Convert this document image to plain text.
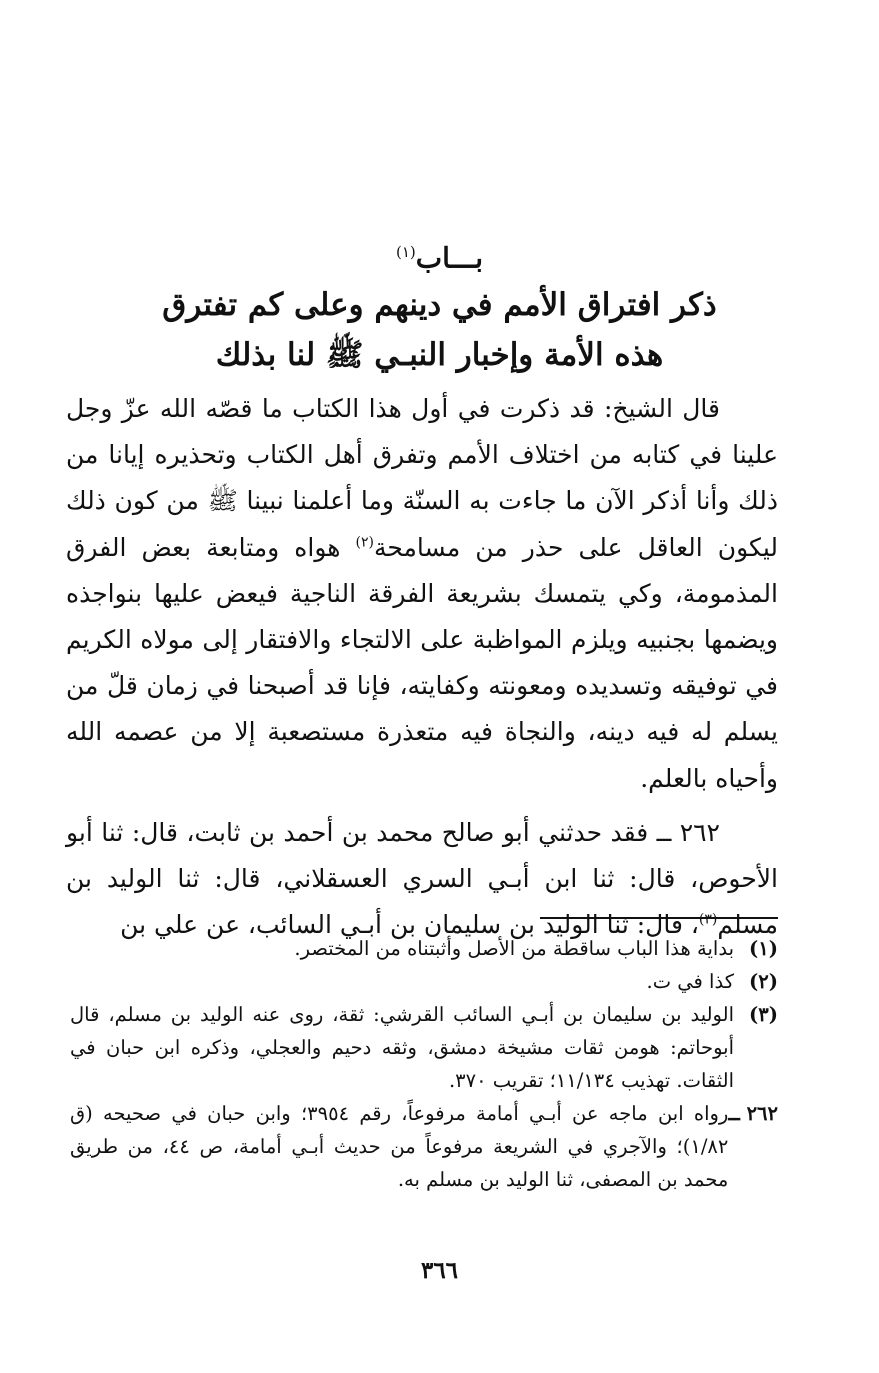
بـــاب$^{(١)}$
ذكر افتراق الأمم في دينهم وعلى كم تفترق
هذه الأمة وإخبار النبـي ﷺ لنا بذلك

قال الشيخ: قد ذكرت في أول هذا الكتاب ما قصّه الله عزّ وجل علينا في كتابه من اختلاف الأمم وتفرق أهل الكتاب وتحذيره إيانا من ذلك وأنا أذكر الآن ما جاءت به السنّة وما أعلمنا نبينا ﷺ من كون ذلك ليكون العاقل على حذر من مسامحة$^{(٢)}$ هواه ومتابعة بعض الفرق المذمومة، وكي يتمسك بشريعة الفرقة الناجية فيعض عليها بنواجذه ويضمها بجنبيه ويلزم المواظبة على الالتجاء والافتقار إلى مولاه الكريم في توفيقه وتسديده ومعونته وكفايته، فإنا قد أصبحنا في زمان قلّ من يسلم له فيه دينه، والنجاة فيه متعذرة مستصعبة إلا من عصمه الله وأحياه بالعلم.

٢٦٢ ــ فقد حدثني أبو صالح محمد بن أحمد بن ثابت، قال: ثنا أبو الأحوص، قال: ثنا ابن أبـي السري العسقلاني، قال: ثنا الوليد بن مسلم$^{(٣)}$، قال: ثنا الوليد بن سليمان بن أبـي السائب، عن علي بن

(١)
بداية هذا الباب ساقطة من الأصل وأثبتناه من المختصر.
(٢)
كذا في ت.
(٣)
الوليد بن سليمان بن أبـي السائب القرشي: ثقة، روى عنه الوليد بن مسلم، قال أبوحاتم: هومن ثقات مشيخة دمشق، وثقه دحيم والعجلي، وذكره ابن حبان في الثقات. تهذيب ١١/١٣٤؛ تقريب ٣٧٠.
٢٦٢ ــ
رواه ابن ماجه عن أبـي أمامة مرفوعاً، رقم ٣٩٥٤؛ وابن حبان في صحيحه (ق ١/٨٢)؛ والآجري في الشريعة مرفوعاً من حديث أبـي أمامة، ص ٤٤، من طريق محمد بن المصفى، ثنا الوليد بن مسلم به.
٣٦٦
